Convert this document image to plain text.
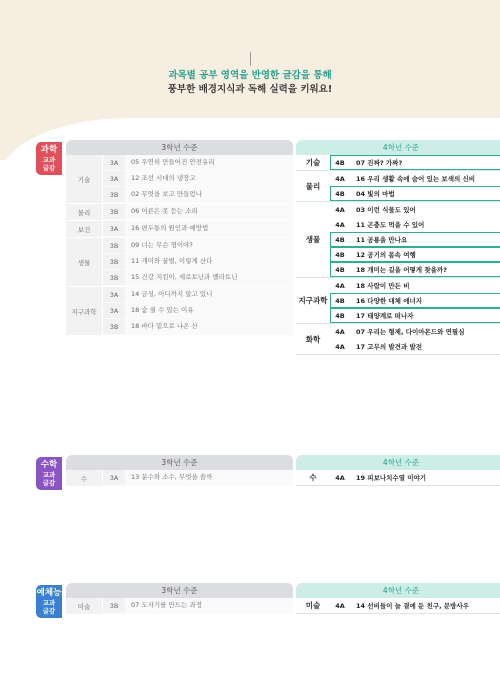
과목별 공부 영역을 반영한 글감을 통해
풍부한 배경지식과 독해 실력을 키워요!
과학
교과
글감
3학년 수준
기술
3A	05 우연히 만들어진 안전유리
3A	12 조선 시대의 냉장고
3B	02 무엇을 보고 만들었나
물리	3B	06 어른은 못 듣는 소리
보건	3A	16 편두통의 원인과 예방법
생물
3B	09 너는 무슨 형이야?
3B	11 개미와 꿀벌, 이렇게 산다
3B	15 건강 지킴이, 세로토닌과 멜라토닌
지구과학
3A	14 금성, 어디까지 알고 있니
3A	18 숨 쉴 수 있는 이유
3B	18 바다 밑으로 나온 산
4학년 수준
기술	4B	07 진짜? 가짜?
물리
4A	16 우리 생활 속에 숨어 있는 보색의 신비
4B	04 빛의 마법
생물
4A	03 이런 식물도 있어
4A	11 곤충도 먹을 수 있어
4B	11 공룡을 만나요
4B	12 공기의 몸속 여행
4B	18 개미는 길을 어떻게 찾을까?
지구과학
4A	18 사람이 만든 비
4B	16 다양한 대체 에너지
4B	17 태양계로 떠나자
화학
4A	07 우리는 형제, 다이아몬드와 연필심
4A	17 고무의 발견과 발전
수학
교과
글감
3학년 수준
수	3A	13 분수와 소수, 무엇을 쓸까
4학년 수준
수	4A	19 피보나치수열 이야기
예체능
교과
글감
3학년 수준
미술	3B	07 도자기를 만드는 과정
4학년 수준
미술	4A	14 선비들이 늘 곁에 둔 친구, 문방사우
